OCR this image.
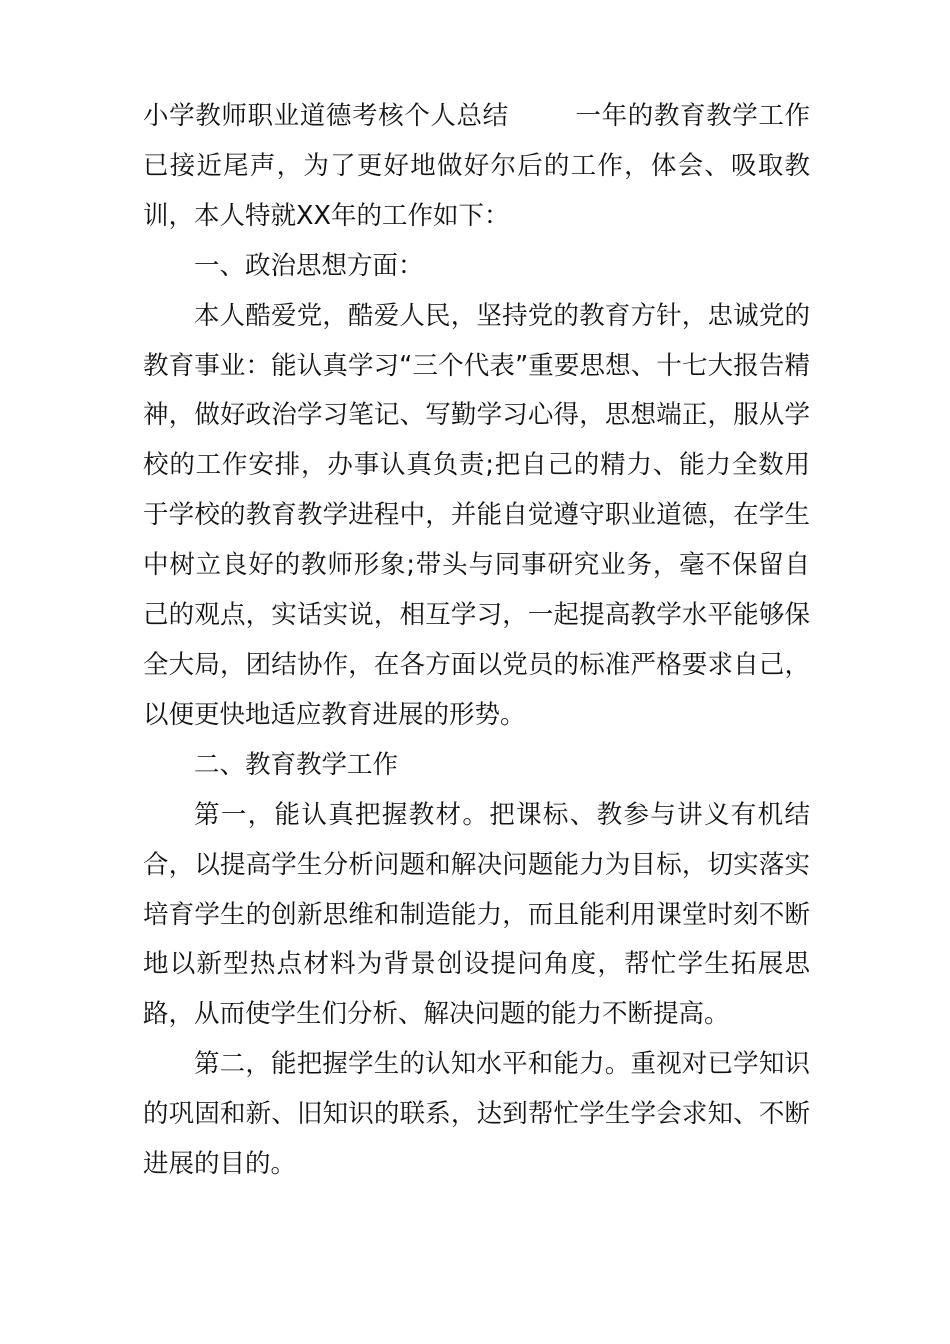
小学教师职业道德考核个人总结	一年的教育教学工作已接近尾声，为了更好地做好尔后的工作，体会、吸取教训，本人特就XX年的工作如下：

一、政治思想方面：

本人酷爱党，酷爱人民，坚持党的教育方针，忠诚党的教育事业：能认真学习“三个代表”重要思想、十七大报告精神，做好政治学习笔记、写勤学习心得，思想端正，服从学校的工作安排，办事认真负责;把自己的精力、能力全数用于学校的教育教学进程中，并能自觉遵守职业道德，在学生中树立良好的教师形象;带头与同事研究业务，毫不保留自己的观点，实话实说，相互学习，一起提高教学水平能够保全大局，团结协作，在各方面以党员的标准严格要求自己，以便更快地适应教育进展的形势。

二、教育教学工作

第一，能认真把握教材。把课标、教参与讲义有机结合，以提高学生分析问题和解决问题能力为目标，切实落实培育学生的创新思维和制造能力，而且能利用课堂时刻不断地以新型热点材料为背景创设提问角度，帮忙学生拓展思路，从而使学生们分析、解决问题的能力不断提高。

第二，能把握学生的认知水平和能力。重视对已学知识的巩固和新、旧知识的联系，达到帮忙学生学会求知、不断进展的目的。
